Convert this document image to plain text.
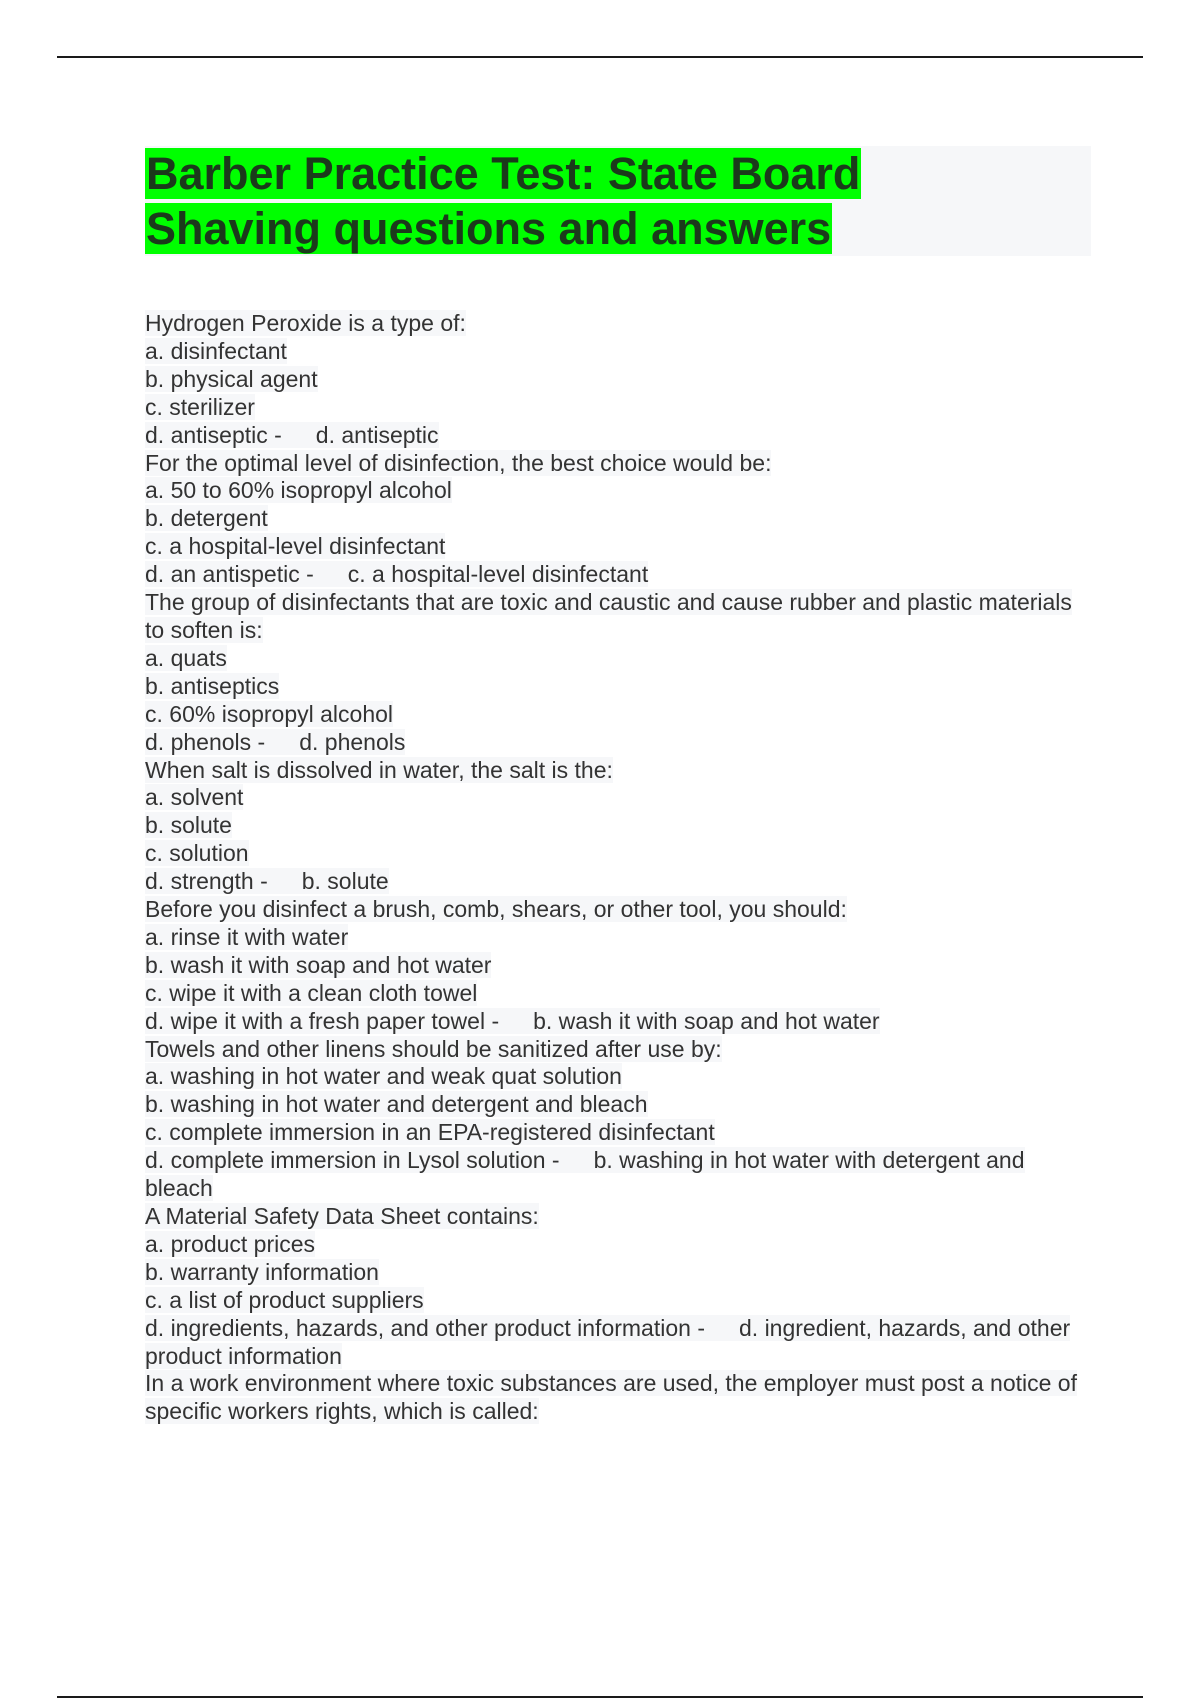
Barber Practice Test: State Board
Shaving questions and answers
Hydrogen Peroxide is a type of:
a. disinfectant
b. physical agent
c. sterilizer
d. antiseptic - d. antiseptic
For the optimal level of disinfection, the best choice would be:
a. 50 to 60% isopropyl alcohol
b. detergent
c. a hospital-level disinfectant
d. an antispetic - c. a hospital-level disinfectant
The group of disinfectants that are toxic and caustic and cause rubber and plastic materials to soften is:
a. quats
b. antiseptics
c. 60% isopropyl alcohol
d. phenols - d. phenols
When salt is dissolved in water, the salt is the:
a. solvent
b. solute
c. solution
d. strength - b. solute
Before you disinfect a brush, comb, shears, or other tool, you should:
a. rinse it with water
b. wash it with soap and hot water
c. wipe it with a clean cloth towel
d. wipe it with a fresh paper towel - b. wash it with soap and hot water
Towels and other linens should be sanitized after use by:
a. washing in hot water and weak quat solution
b. washing in hot water and detergent and bleach
c. complete immersion in an EPA-registered disinfectant
d. complete immersion in Lysol solution - b. washing in hot water with detergent and bleach
A Material Safety Data Sheet contains:
a. product prices
b. warranty information
c. a list of product suppliers
d. ingredients, hazards, and other product information - d. ingredient, hazards, and other product information
In a work environment where toxic substances are used, the employer must post a notice of specific workers rights, which is called:
